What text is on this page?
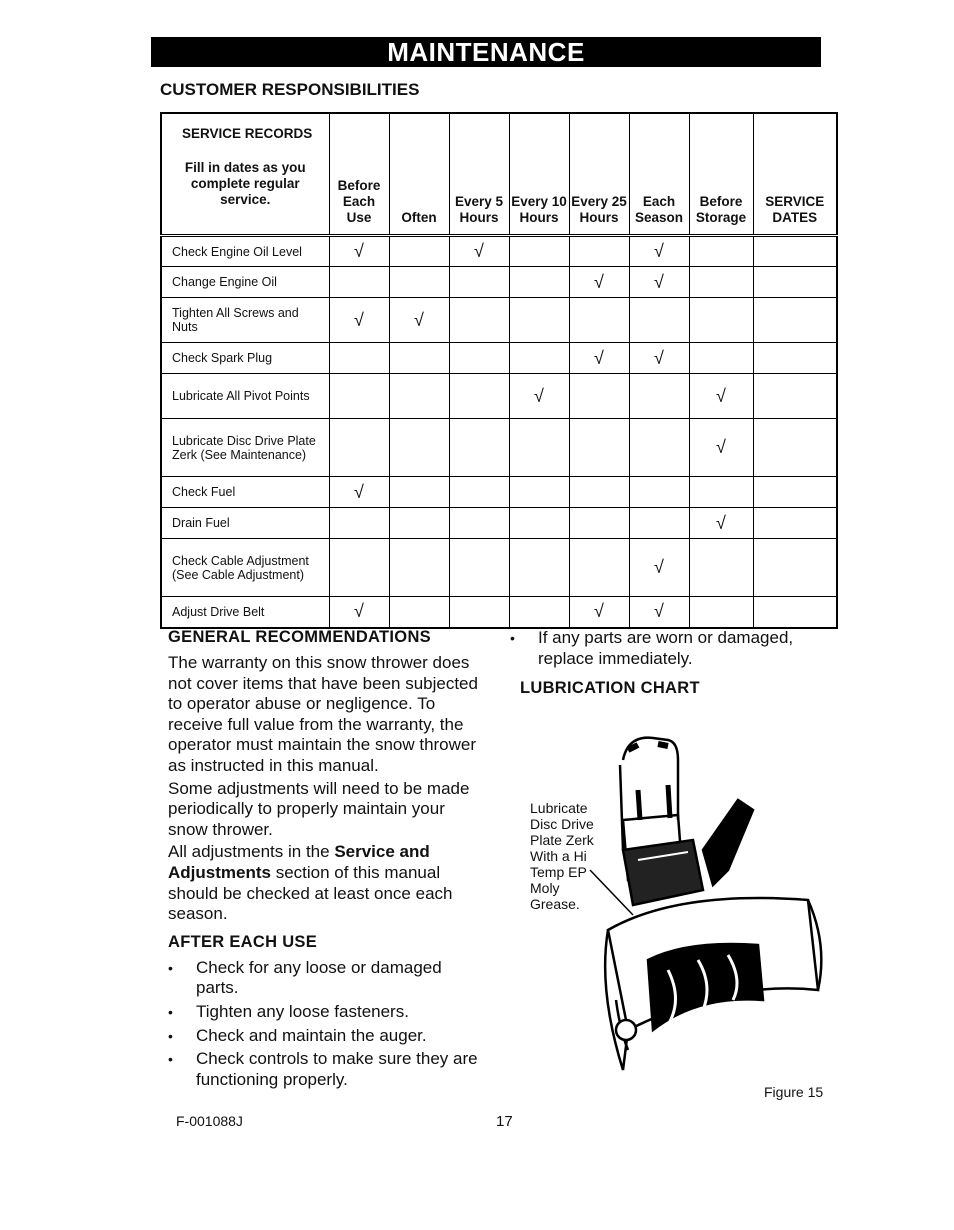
MAINTENANCE
CUSTOMER RESPONSIBILITIES
SERVICE RECORDS
Fill in dates as you complete regular service.	Before Each Use	Often	Every 5 Hours	Every 10 Hours	Every 25 Hours	Each Season	Before Storage	SERVICE DATES
Check Engine Oil Level	√		√			√		
Change Engine Oil					√	√		
Tighten All Screws and Nuts	√	√						
Check Spark Plug					√	√		
Lubricate All Pivot Points				√			√	
Lubricate Disc Drive Plate Zerk (See Maintenance)							√	
Check Fuel	√							
Drain Fuel							√	
Check Cable Adjustment (See Cable Adjustment)						√		
Adjust Drive Belt	√				√	√		
GENERAL RECOMMENDATIONS

The warranty on this snow thrower does not cover items that have been subjected to operator abuse or negligence. To receive full value from the warranty, the operator must maintain the snow thrower as instructed in this manual.

Some adjustments will need to be made periodically to properly maintain your snow thrower.

All adjustments in the Service and Adjustments section of this manual should be checked at least once each season.

AFTER EACH USE
• Check for any loose or damaged parts.
• Tighten any loose fasteners.
• Check and maintain the auger.
• Check controls to make sure they are functioning properly.
• If any parts are worn or damaged, replace immediately.
LUBRICATION CHART
Lubricate Disc Drive Plate Zerk With a Hi Temp EP Moly Grease.
Figure 15
F-001088J	17
